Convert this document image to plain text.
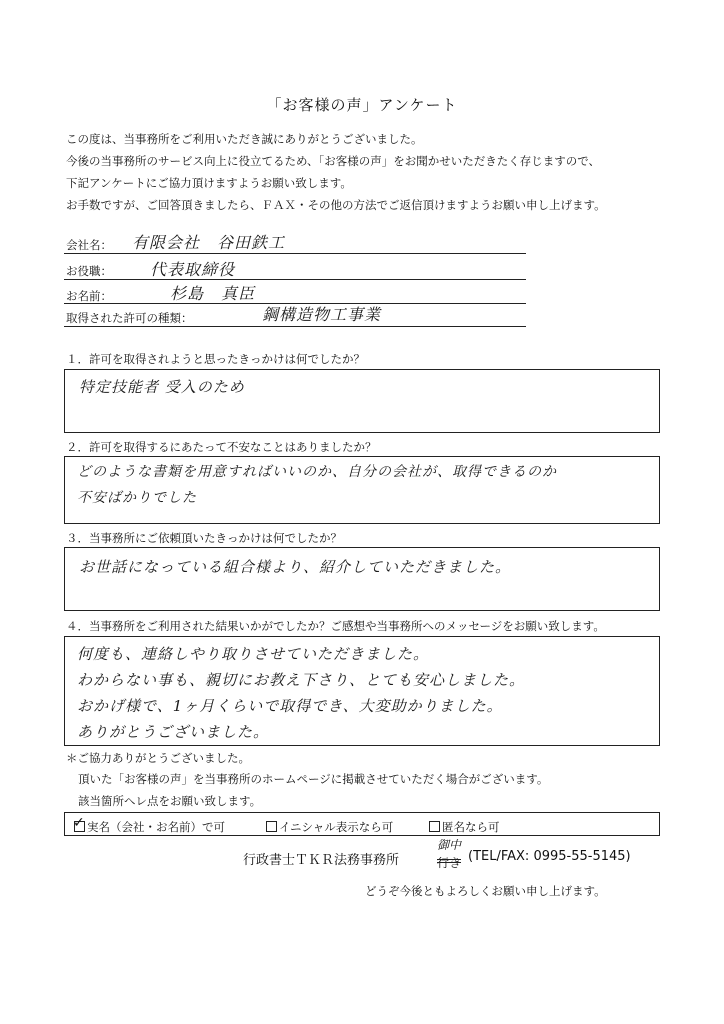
「お客様の声」アンケート
この度は、当事務所をご利用いただき誠にありがとうございました。
今後の当事務所のサービス向上に役立てるため、「お客様の声」をお聞かせいただきたく存じますので、
下記アンケートにご協力頂けますようお願い致します。
お手数ですが、ご回答頂きましたら、ＦＡＸ・その他の方法でご返信頂けますようお願い申し上げます。
会社名： 有限会社　谷田鉄工
お役職： 代表取締役
お名前：	杉島　真臣
取得された許可の種類：	鋼構造物工事業
１．許可を取得されようと思ったきっかけは何でしたか？
特定技能者 受入のため
２．許可を取得するにあたって不安なことはありましたか？
どのような書類を用意すればいいのか、自分の会社が、取得できるのか
不安ばかりでした
３．当事務所にご依頼頂いたきっかけは何でしたか？
お世話になっている組合様より、紹介していただきました。
４．当事務所をご利用された結果いかがでしたか？ご感想や当事務所へのメッセージをお願い致します。
何度も、連絡しやり取りさせていただきました。
わからない事も、親切にお教え下さり、とても安心しました。
おかげ様で、1ヶ月くらいで取得でき、大変助かりました。
ありがとうございました。
＊ご協力ありがとうございました。
頂いた「お客様の声」を当事務所のホームページに掲載させていただく場合がございます。
該当箇所へレ点をお願い致します。
✓ 実名（会社・お名前）で可	イニシャル表示なら可	匿名なら可
行政書士ＴＫＲ法務事務所
御中
行き (TEL/FAX: 0995-55-5145)
どうぞ今後ともよろしくお願い申し上げます。
